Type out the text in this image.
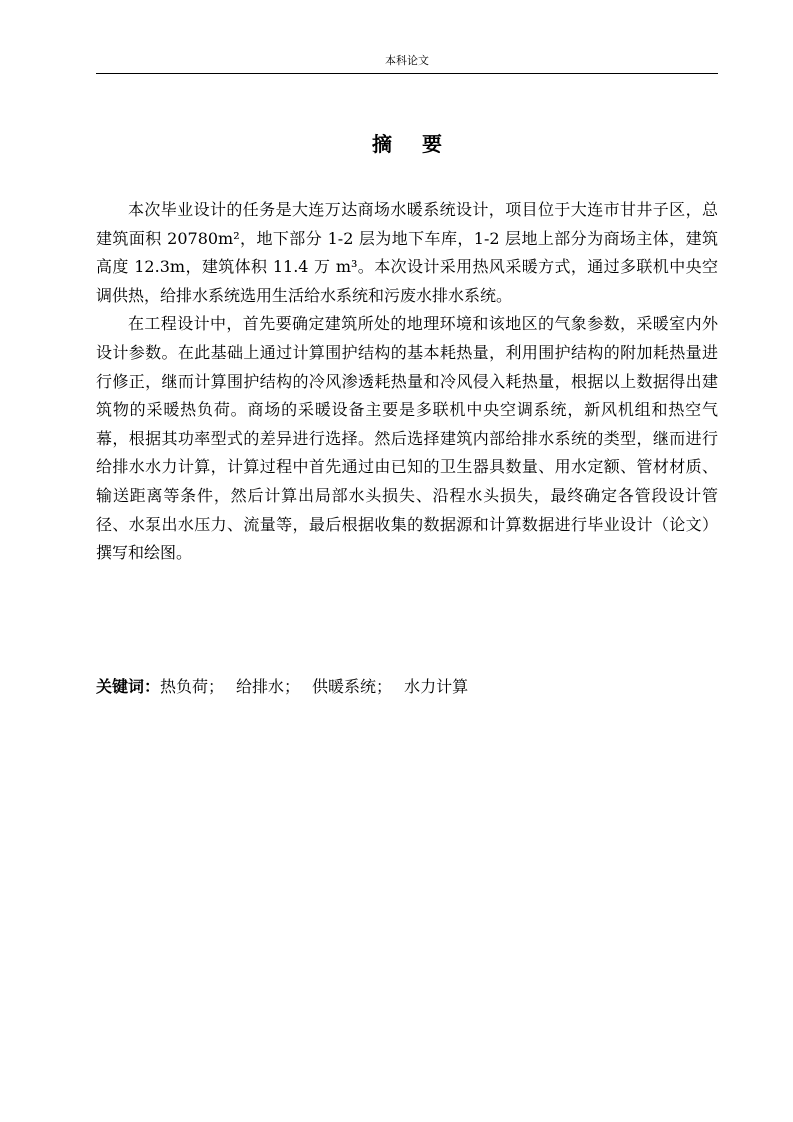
本科论文
摘要

本次毕业设计的任务是大连万达商场水暖系统设计，项目位于大连市甘井子区，总建筑面积 20780m²，地下部分 1-2 层为地下车库，1-2 层地上部分为商场主体，建筑高度 12.3m，建筑体积 11.4 万 m³。本次设计采用热风采暖方式，通过多联机中央空调供热，给排水系统选用生活给水系统和污废水排水系统。

在工程设计中，首先要确定建筑所处的地理环境和该地区的气象参数，采暖室内外设计参数。在此基础上通过计算围护结构的基本耗热量，利用围护结构的附加耗热量进行修正，继而计算围护结构的冷风渗透耗热量和冷风侵入耗热量，根据以上数据得出建筑物的采暖热负荷。商场的采暖设备主要是多联机中央空调系统，新风机组和热空气幕，根据其功率型式的差异进行选择。然后选择建筑内部给排水系统的类型，继而进行给排水水力计算，计算过程中首先通过由已知的卫生器具数量、用水定额、管材材质、输送距离等条件，然后计算出局部水头损失、沿程水头损失，最终确定各管段设计管径、水泵出水压力、流量等，最后根据收集的数据源和计算数据进行毕业设计（论文）撰写和绘图。

关键词：热负荷； 给排水； 供暖系统； 水力计算
